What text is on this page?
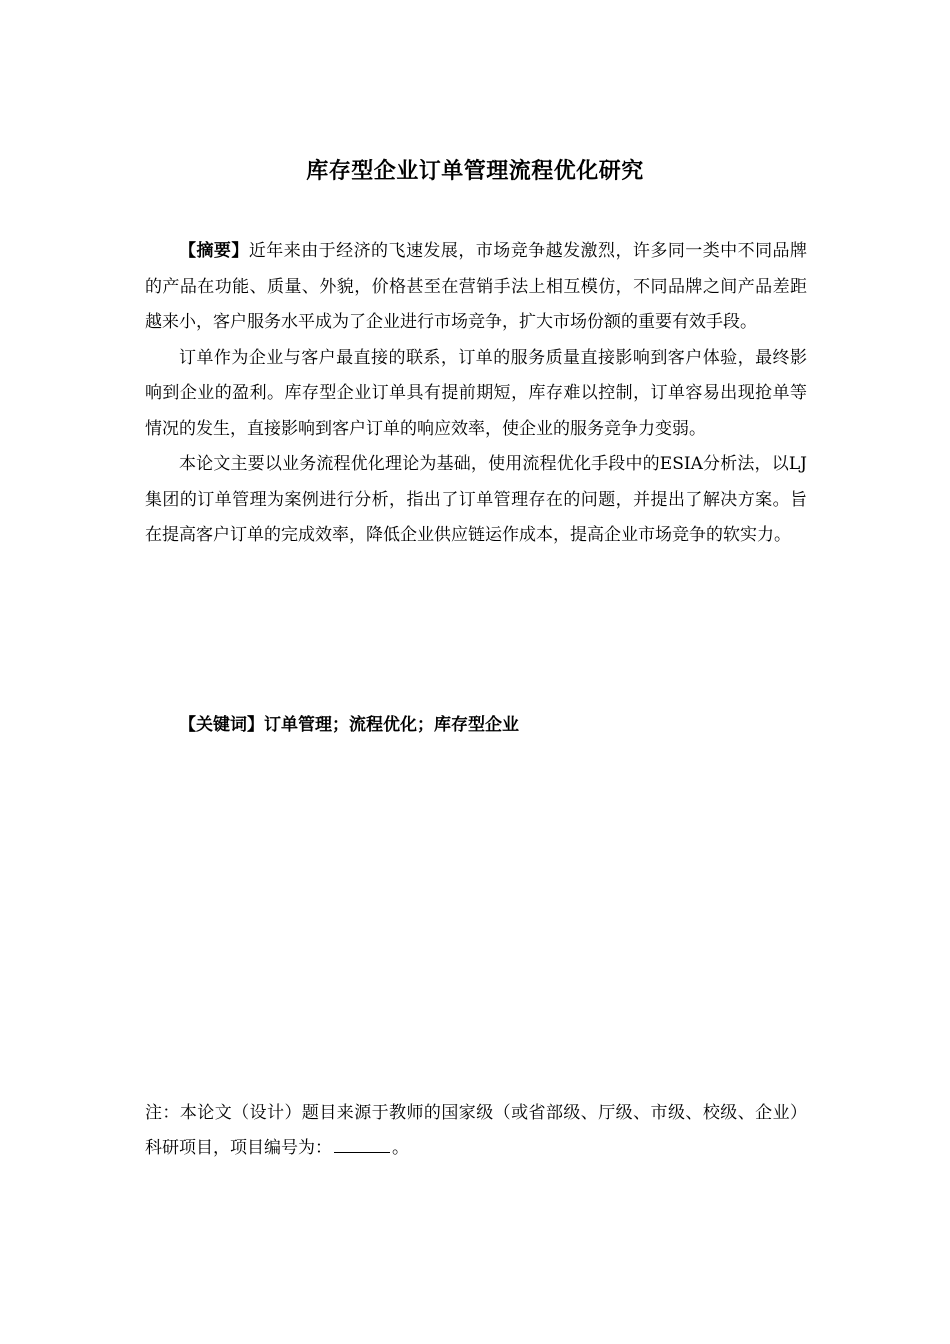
库存型企业订单管理流程优化研究

【摘要】近年来由于经济的飞速发展，市场竞争越发激烈，许多同一类中不同品牌的产品在功能、质量、外貌，价格甚至在营销手法上相互模仿，不同品牌之间产品差距越来小，客户服务水平成为了企业进行市场竞争，扩大市场份额的重要有效手段。

订单作为企业与客户最直接的联系，订单的服务质量直接影响到客户体验，最终影响到企业的盈利。库存型企业订单具有提前期短，库存难以控制，订单容易出现抢单等情况的发生，直接影响到客户订单的响应效率，使企业的服务竞争力变弱。

本论文主要以业务流程优化理论为基础，使用流程优化手段中的ESIA分析法，以LJ集团的订单管理为案例进行分析，指出了订单管理存在的问题，并提出了解决方案。旨在提高客户订单的完成效率，降低企业供应链运作成本，提高企业市场竞争的软实力。

【关键词】订单管理；流程优化；库存型企业
注：本论文（设计）题目来源于教师的国家级（或省部级、厅级、市级、校级、企业）科研项目，项目编号为：	。
